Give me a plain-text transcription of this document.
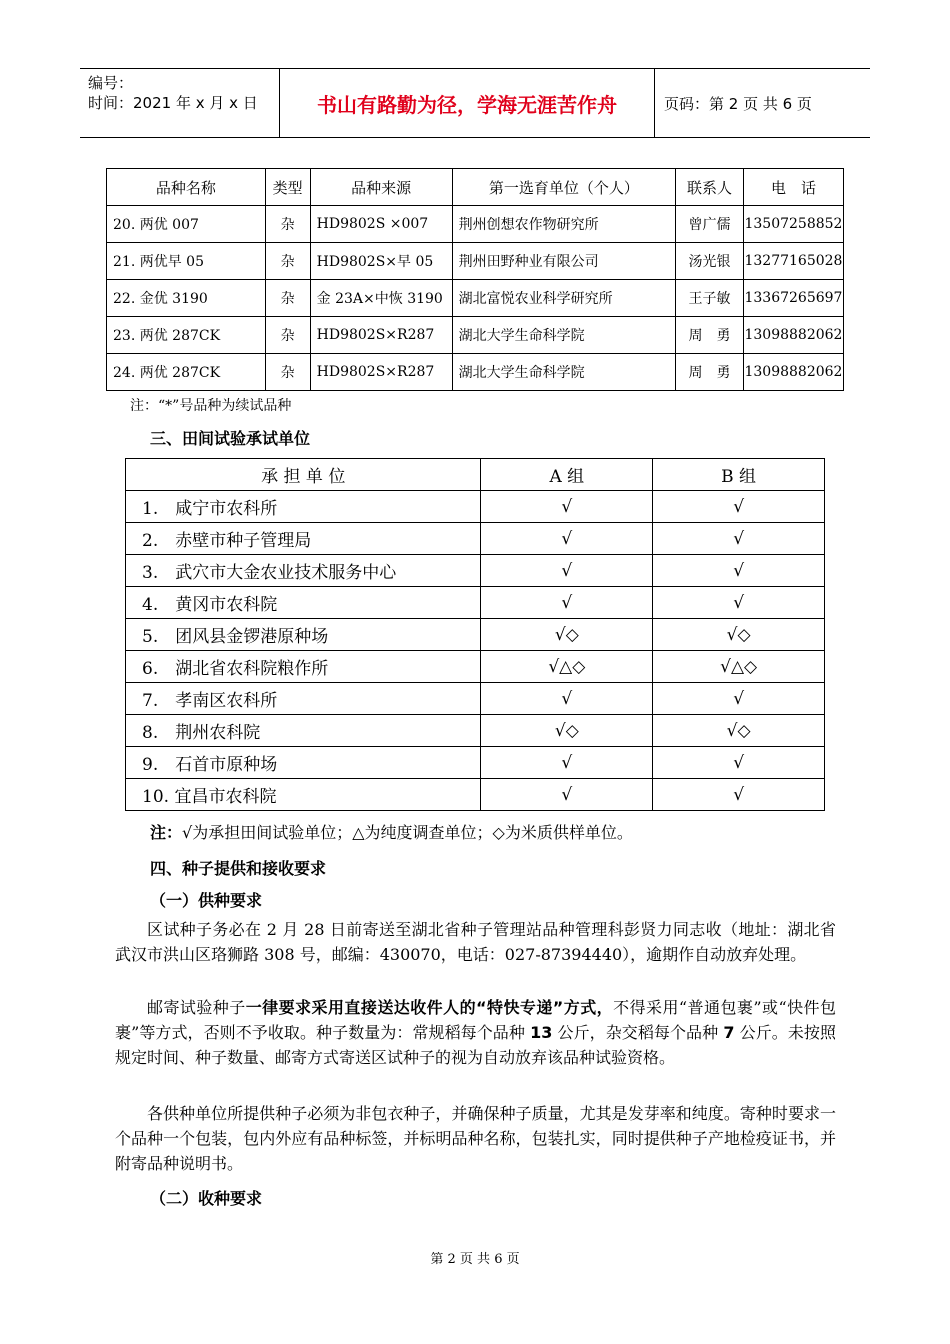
编号：
时间：2021 年 x 月 x 日	书山有路勤为径，学海无涯苦作舟	页码：第 2 页 共 6 页
品种名称	类型	品种来源	第一选育单位（个人）	联系人	电　话
20. 两优 007	杂	HD9802S ×007	荆州创想农作物研究所	曾广儒	13507258852
21. 两优早 05	杂	HD9802S×早 05	荆州田野种业有限公司	汤光银	13277165028
22. 金优 3190	杂	金 23A×中恢 3190	湖北富悦农业科学研究所	王子敏	13367265697
23. 两优 287CK	杂	HD9802S×R287	湖北大学生命科学院	周　勇	13098882062
24. 两优 287CK	杂	HD9802S×R287	湖北大学生命科学院	周　勇	13098882062
注：“*”号品种为续试品种
三、田间试验承试单位
承 担 单 位	A 组	B 组
1.　咸宁市农科所	√	√
2.　赤壁市种子管理局	√	√
3.　武穴市大金农业技术服务中心	√	√
4.　黄冈市农科院	√	√
5.　团风县金锣港原种场	√◇	√◇
6.　湖北省农科院粮作所	√△◇	√△◇
7.　孝南区农科所	√	√
8.　荆州农科院	√◇	√◇
9.　石首市原种场	√	√
10. 宜昌市农科院	√	√
注：√为承担田间试验单位；△为纯度调查单位；◇为米质供样单位。
四、种子提供和接收要求
（一）供种要求
区试种子务必在 2 月 28 日前寄送至湖北省种子管理站品种管理科彭贤力同志收（地址：湖北省武汉市洪山区珞狮路 308 号，邮编：430070，电话：027-87394440），逾期作自动放弃处理。
邮寄试验种子一律要求采用直接送达收件人的“特快专递”方式，不得采用“普通包裹”或“快件包裹”等方式，否则不予收取。种子数量为：常规稻每个品种 13 公斤，杂交稻每个品种 7 公斤。未按照规定时间、种子数量、邮寄方式寄送区试种子的视为自动放弃该品种试验资格。
各供种单位所提供种子必须为非包衣种子，并确保种子质量，尤其是发芽率和纯度。寄种时要求一个品种一个包装，包内外应有品种标签，并标明品种名称，包装扎实，同时提供种子产地检疫证书，并附寄品种说明书。
（二）收种要求
第 2 页 共 6 页
